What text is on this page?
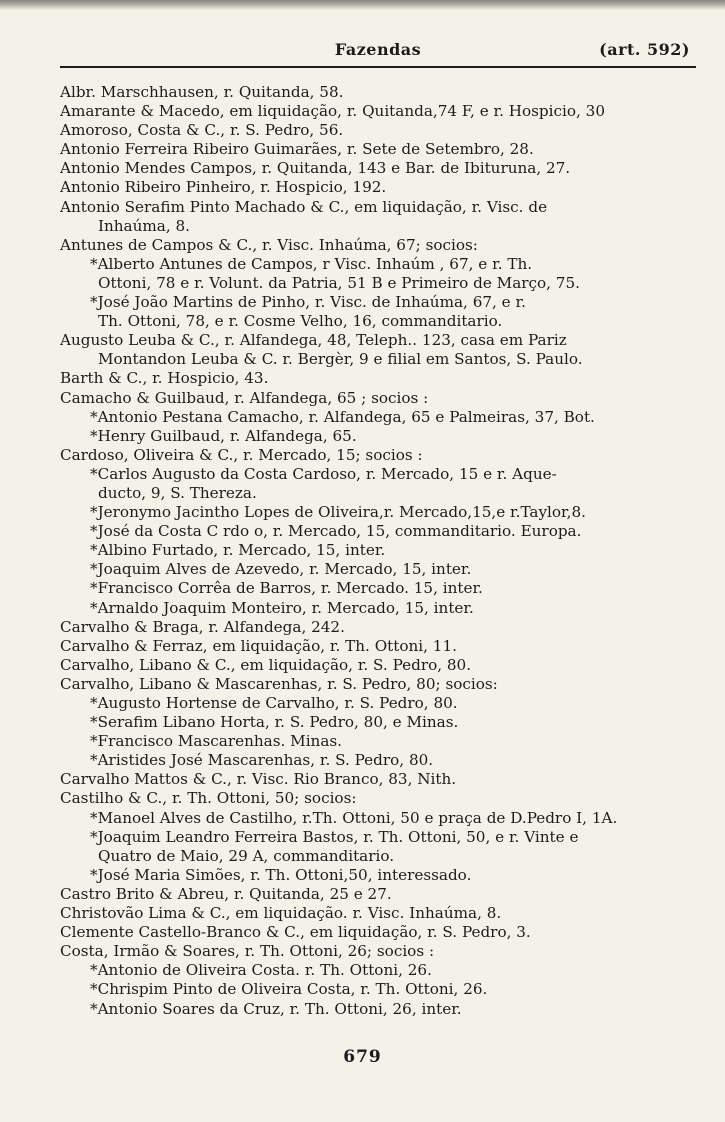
Fazendas	(art. 592)
Albr. Marschhausen, r. Quitanda, 58.
Amarante & Macedo, em liquidação, r. Quitanda,74 F, e r. Hospicio, 30
Amoroso, Costa & C., r. S. Pedro, 56.
Antonio Ferreira Ribeiro Guimarães, r. Sete de Setembro, 28.
Antonio Mendes Campos, r. Quitanda, 143 e Bar. de Ibituruna, 27.
Antonio Ribeiro Pinheiro, r. Hospicio, 192.
Antonio Serafim Pinto Machado & C., em liquidação, r. Visc. de
Inhaúma, 8.
Antunes de Campos & C., r. Visc. Inhaúma, 67; socios:
*Alberto Antunes de Campos, r Visc. Inhaúm , 67, e r. Th.
Ottoni, 78 e r. Volunt. da Patria, 51 B e Primeiro de Março, 75.
*José João Martins de Pinho, r. Visc. de Inhaúma, 67, e r.
Th. Ottoni, 78, e r. Cosme Velho, 16, commanditario.
Augusto Leuba & C., r. Alfandega, 48, Teleph.. 123, casa em Pariz
Montandon Leuba & C. r. Bergèr, 9 e filial em Santos, S. Paulo.
Barth & C., r. Hospicio, 43.
Camacho & Guilbaud, r. Alfandega, 65 ; socios :
*Antonio Pestana Camacho, r. Alfandega, 65 e Palmeiras, 37, Bot.
*Henry Guilbaud, r. Alfandega, 65.
Cardoso, Oliveira & C., r. Mercado, 15; socios :
*Carlos Augusto da Costa Cardoso, r. Mercado, 15 e r. Aque-
ducto, 9, S. Thereza.
*Jeronymo Jacintho Lopes de Oliveira,r. Mercado,15,e r.Taylor,8.
*José da Costa C rdo o, r. Mercado, 15, commanditario. Europa.
*Albino Furtado, r. Mercado, 15, inter.
*Joaquim Alves de Azevedo, r. Mercado, 15, inter.
*Francisco Corrêa de Barros, r. Mercado. 15, inter.
*Arnaldo Joaquim Monteiro, r. Mercado, 15, inter.
Carvalho & Braga, r. Alfandega, 242.
Carvalho & Ferraz, em liquidação, r. Th. Ottoni, 11.
Carvalho, Libano & C., em liquidação, r. S. Pedro, 80.
Carvalho, Libano & Mascarenhas, r. S. Pedro, 80; socios:
*Augusto Hortense de Carvalho, r. S. Pedro, 80.
*Serafim Libano Horta, r. S. Pedro, 80, e Minas.
*Francisco Mascarenhas. Minas.
*Aristides José Mascarenhas, r. S. Pedro, 80.
Carvalho Mattos & C., r. Visc. Rio Branco, 83, Nith.
Castilho & C., r. Th. Ottoni, 50; socios:
*Manoel Alves de Castilho, r.Th. Ottoni, 50 e praça de D.Pedro I, 1A.
*Joaquim Leandro Ferreira Bastos, r. Th. Ottoni, 50, e r. Vinte e
Quatro de Maio, 29 A, commanditario.
*José Maria Simões, r. Th. Ottoni,50, interessado.
Castro Brito & Abreu, r. Quitanda, 25 e 27.
Christovão Lima & C., em liquidação. r. Visc. Inhaúma, 8.
Clemente Castello-Branco & C., em liquidação, r. S. Pedro, 3.
Costa, Irmão & Soares, r. Th. Ottoni, 26; socios :
*Antonio de Oliveira Costa. r. Th. Ottoni, 26.
*Chrispim Pinto de Oliveira Costa, r. Th. Ottoni, 26.
*Antonio Soares da Cruz, r. Th. Ottoni, 26, inter.
679
